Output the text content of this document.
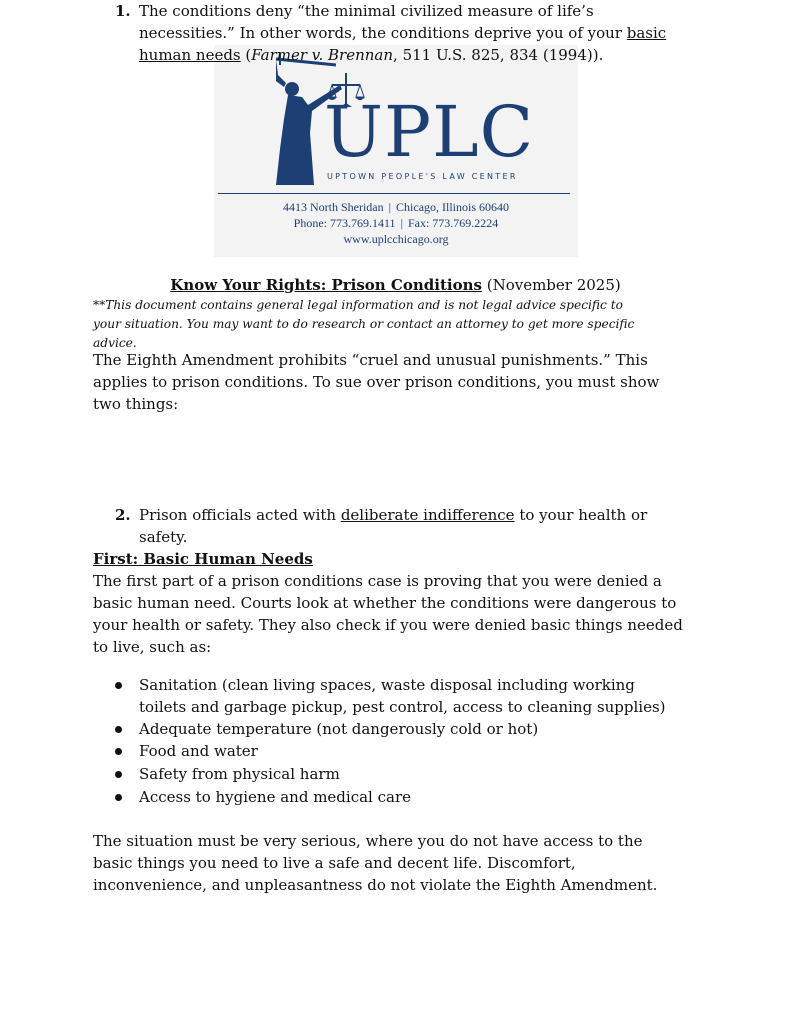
UPLC
UPTOWN PEOPLE'S LAW CENTER
4413 North Sheridan | Chicago, Illinois 60640
Phone: 773.769.1411 | Fax: 773.769.2224
www.uplcchicago.org
Know Your Rights: Prison Conditions (November 2025)
**This document contains general legal information and is not legal advice specific to your situation. You may want to do research or contact an attorney to get more specific advice.
The Eighth Amendment prohibits “cruel and unusual punishments.” This applies to prison conditions. To sue over prison conditions, you must show two things:
1. The conditions deny “the minimal civilized measure of life’s necessities.” In other words, the conditions deprive you of your basic human needs (Farmer v. Brennan, 511 U.S. 825, 834 (1994)).
2. Prison officials acted with deliberate indifference to your health or safety.
First: Basic Human Needs
The first part of a prison conditions case is proving that you were denied a basic human need. Courts look at whether the conditions were dangerous to your health or safety. They also check if you were denied basic things needed to live, such as:
Sanitation (clean living spaces, waste disposal including working toilets and garbage pickup, pest control, access to cleaning supplies)
Adequate temperature (not dangerously cold or hot)
Food and water
Safety from physical harm
Access to hygiene and medical care
The situation must be very serious, where you do not have access to the basic things you need to live a safe and decent life. Discomfort, inconvenience, and unpleasantness do not violate the Eighth Amendment.
